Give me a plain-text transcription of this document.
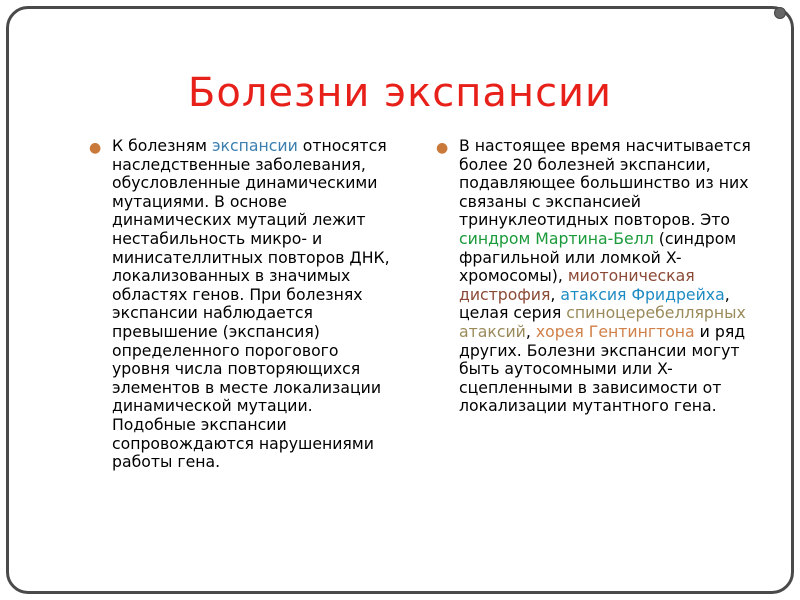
Болезни экспансии
● К болезням экспансии относятся наследственные заболевания, обусловленные динамическими мутациями. В основе динамических мутаций лежит нестабильность микро- и минисателлитных повторов ДНК, локализованных в значимых областях генов. При болезнях экспансии наблюдается превышение (экспансия) определенного порогового уровня числа повторяющихся элементов в месте локализации динамической мутации. Подобные экспансии сопровождаются нарушениями работы гена.
● В настоящее время насчитывается более 20 болезней экспансии, подавляющее большинство из них связаны с экспансией тринуклеотидных повторов. Это синдром Мартина-Белл (синдром фрагильной или ломкой X-хромосомы), миотоническая дистрофия, атаксия Фридрейха, целая серия спиноцеребеллярных атаксий, хорея Гентингтона и ряд других. Болезни экспансии могут быть аутосомными или X-сцепленными в зависимости от локализации мутантного гена.
